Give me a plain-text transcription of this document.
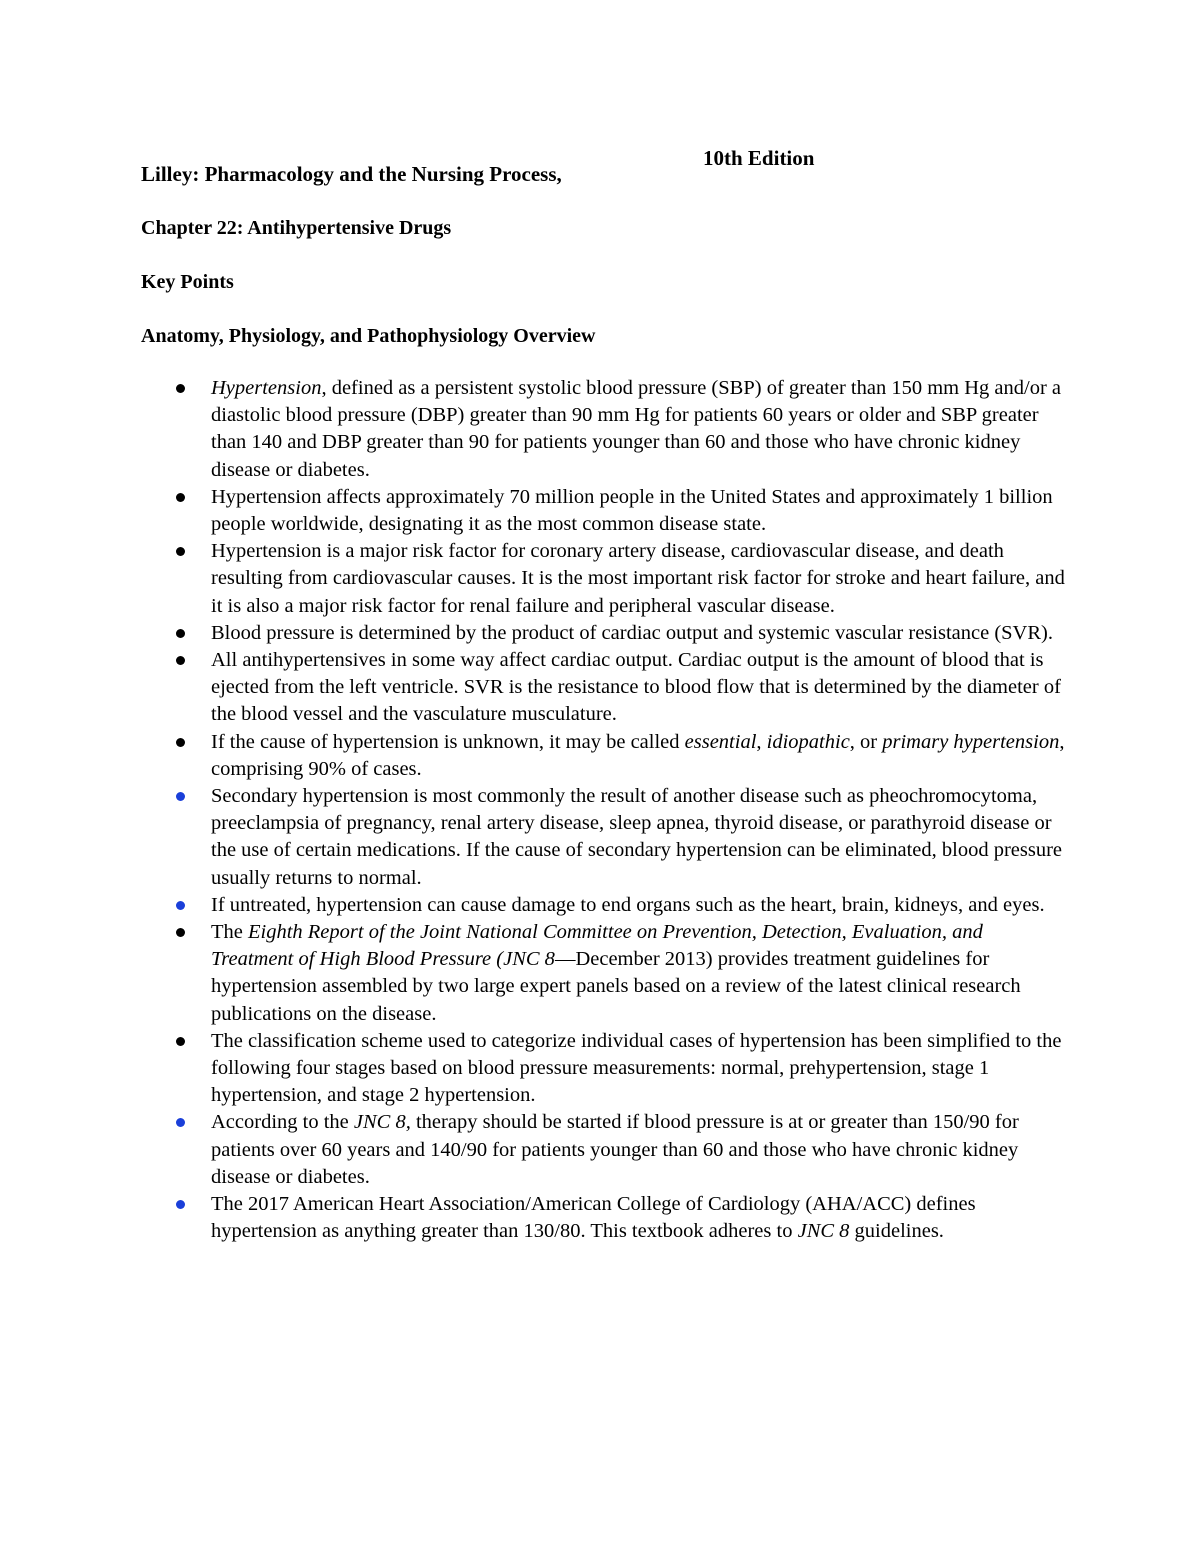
Lilley: Pharmacology and the Nursing Process,
10th Edition

Chapter 22: Antihypertensive Drugs

Key Points

Anatomy, Physiology, and Pathophysiology Overview

Hypertension, defined as a persistent systolic blood pressure (SBP) of greater than 150 mm Hg and/or a diastolic blood pressure (DBP) greater than 90 mm Hg for patients 60 years or older and SBP greater than 140 and DBP greater than 90 for patients younger than 60 and those who have chronic kidney disease or diabetes.
Hypertension affects approximately 70 million people in the United States and approximately 1 billion people worldwide, designating it as the most common disease state.
Hypertension is a major risk factor for coronary artery disease, cardiovascular disease, and death resulting from cardiovascular causes. It is the most important risk factor for stroke and heart failure, and it is also a major risk factor for renal failure and peripheral vascular disease.
Blood pressure is determined by the product of cardiac output and systemic vascular resistance (SVR).
All antihypertensives in some way affect cardiac output. Cardiac output is the amount of blood that is ejected from the left ventricle. SVR is the resistance to blood flow that is determined by the diameter of the blood vessel and the vasculature musculature.
If the cause of hypertension is unknown, it may be called essential, idiopathic, or primary hypertension, comprising 90% of cases.
Secondary hypertension is most commonly the result of another disease such as pheochromocytoma, preeclampsia of pregnancy, renal artery disease, sleep apnea, thyroid disease, or parathyroid disease or the use of certain medications. If the cause of secondary hypertension can be eliminated, blood pressure usually returns to normal.
If untreated, hypertension can cause damage to end organs such as the heart, brain, kidneys, and eyes.
The Eighth Report of the Joint National Committee on Prevention, Detection, Evaluation, and Treatment of High Blood Pressure (JNC 8—December 2013) provides treatment guidelines for hypertension assembled by two large expert panels based on a review of the latest clinical research publications on the disease.
The classification scheme used to categorize individual cases of hypertension has been simplified to the following four stages based on blood pressure measurements: normal, prehypertension, stage 1 hypertension, and stage 2 hypertension.
According to the JNC 8, therapy should be started if blood pressure is at or greater than 150/90 for patients over 60 years and 140/90 for patients younger than 60 and those who have chronic kidney disease or diabetes.
The 2017 American Heart Association/American College of Cardiology (AHA/ACC) defines hypertension as anything greater than 130/80. This textbook adheres to JNC 8 guidelines.
